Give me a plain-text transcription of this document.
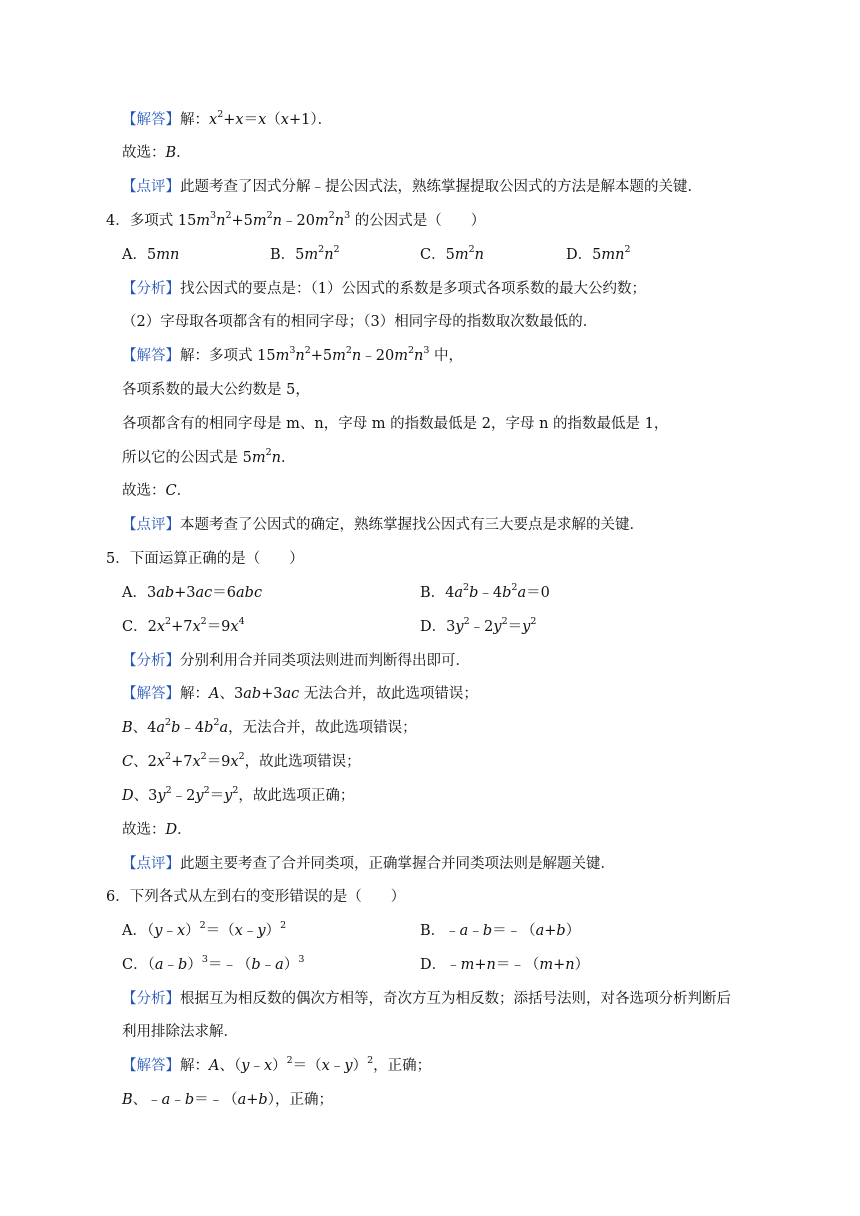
【解答】解：$x^2+x=x(x+1)$．
故选：B．
【点评】此题考查了因式分解﹣提公因式法，熟练掌握提取公因式的方法是解本题的关键．
4．多项式 $15m^3n^2+5m^2n﹣20m^2n^3$ 的公因式是（　　）
A．5mn	B．$5m^2n^2$	C．$5m^2n$	D．$5mn^2$
【分析】找公因式的要点是：（1）公因式的系数是多项式各项系数的最大公约数；
（2）字母取各项都含有的相同字母；（3）相同字母的指数取次数最低的．
【解答】解：多项式 $15m^3n^2+5m^2n﹣20m^2n^3$ 中，
各项系数的最大公约数是 5，
各项都含有的相同字母是 m、n，字母 m 的指数最低是 2，字母 n 的指数最低是 1，
所以它的公因式是 $5m^2n$．
故选：C．
【点评】本题考查了公因式的确定，熟练掌握找公因式有三大要点是求解的关键．
5．下面运算正确的是（　　）
A．3ab+3ac＝6abc	B．$4a^2b﹣4b^2a=0$
C．$2x^2+7x^2=9x^4$	D．$3y^2﹣2y^2=y^2$
【分析】分别利用合并同类项法则进而判断得出即可．
【解答】解：A、3ab+3ac 无法合并，故此选项错误；
B、$4a^2b﹣4b^2a$，无法合并，故此选项错误；
C、$2x^2+7x^2=9x^2$，故此选项错误；
D、$3y^2﹣2y^2=y^2$，故此选项正确；
故选：D．
【点评】此题主要考查了合并同类项，正确掌握合并同类项法则是解题关键．
6．下列各式从左到右的变形错误的是（　　）
A．（y﹣x）$^2$＝（x﹣y）$^2$	B．﹣a﹣b＝﹣（a+b）
C．（a﹣b）$^3$＝﹣（b﹣a）$^3$	D．﹣m+n＝﹣（m+n）
【分析】根据互为相反数的偶次方相等，奇次方互为相反数；添括号法则，对各选项分析判断后
利用排除法求解．
【解答】解：A、（y﹣x）$^2$＝（x﹣y）$^2$，正确；
B、﹣a﹣b＝﹣（a+b），正确；
